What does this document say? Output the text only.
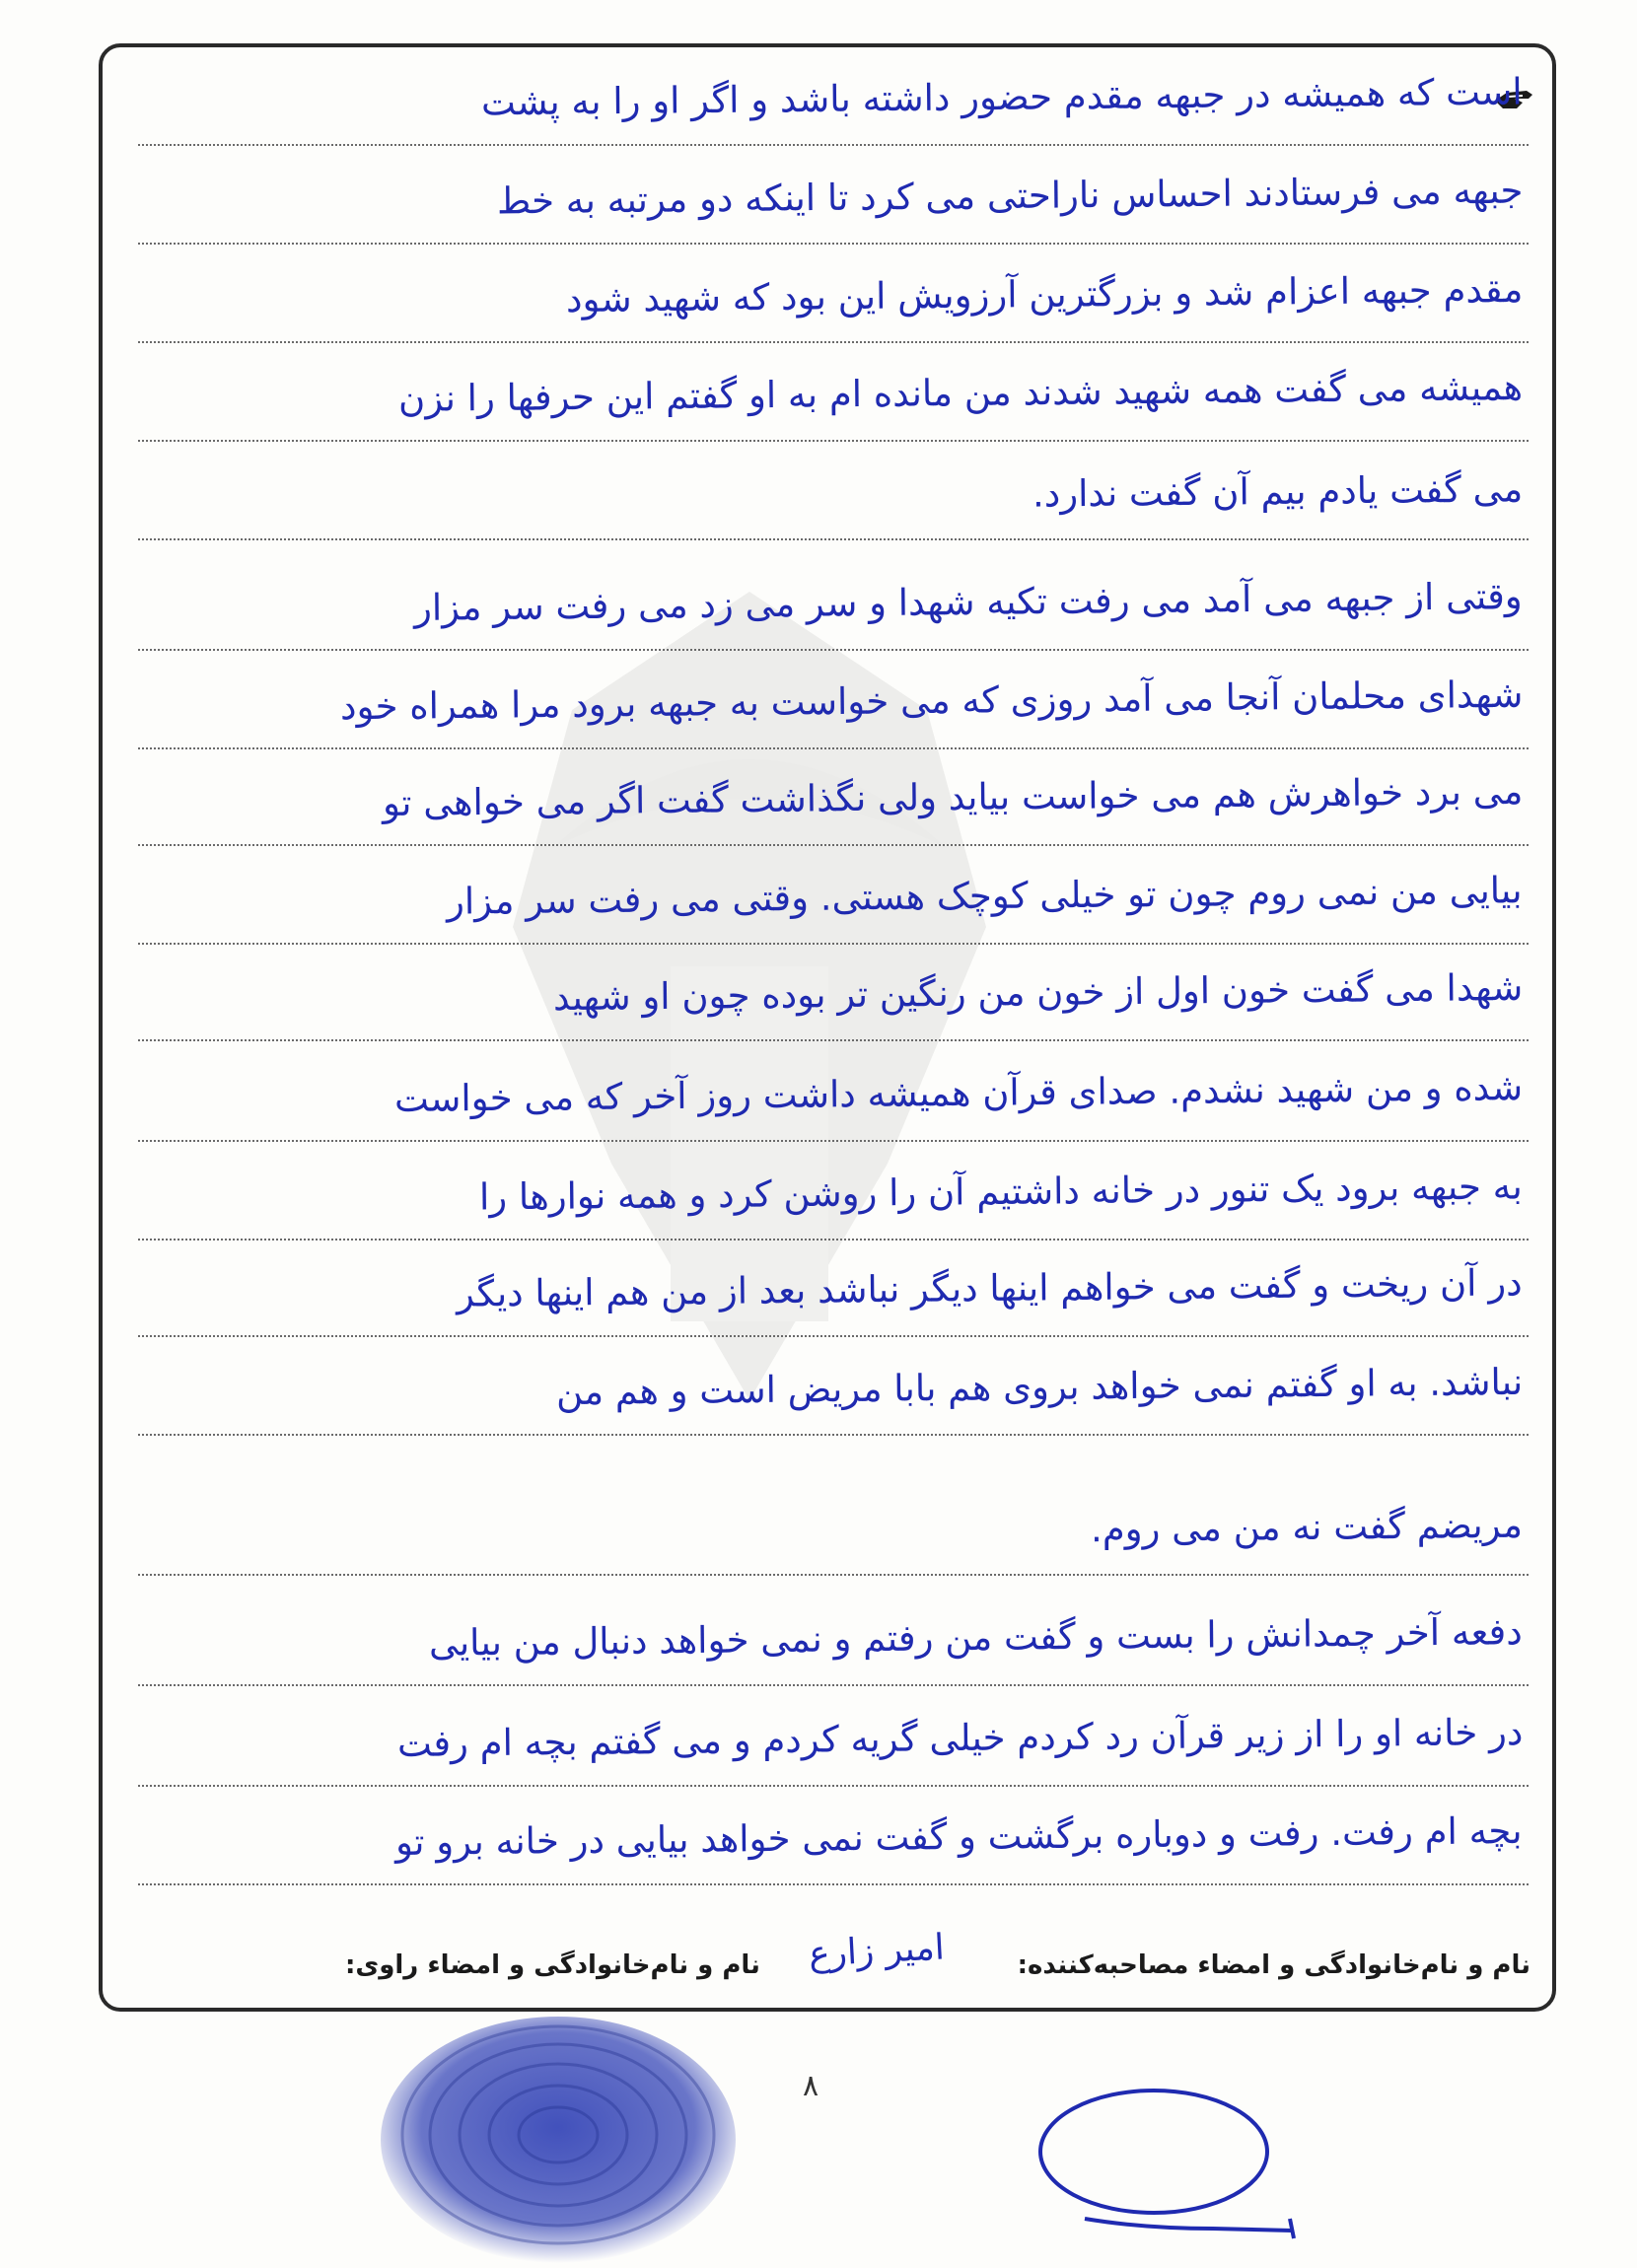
است که همیشه در جبهه مقدم حضور داشته باشد و اگر او را به پشت
جبهه می فرستادند احساس ناراحتی می کرد تا اینکه دو مرتبه به خط
مقدم جبهه اعزام شد و بزرگترین آرزویش این بود که شهید شود
همیشه می گفت همه شهید شدند من مانده ام به او گفتم این حرفها را نزن
می گفت یادم بیم آن گفت ندارد.
وقتی از جبهه می آمد می رفت تکیه شهدا و سر می زد می رفت سر مزار
شهدای محلمان آنجا می آمد روزی که می خواست به جبهه برود مرا همراه خود
می برد خواهرش هم می خواست بیاید ولی نگذاشت گفت اگر می خواهی تو
بیایی من نمی روم چون تو خیلی کوچک هستی. وقتی می رفت سر مزار
شهدا می گفت خون اول از خون من رنگین تر بوده چون او شهید
شده و من شهید نشدم. صدای قرآن همیشه داشت روز آخر که می خواست
به جبهه برود یک تنور در خانه داشتیم آن را روشن کرد و همه نوارها را
در آن ریخت و گفت می خواهم اینها دیگر نباشد بعد از من هم اینها دیگر
نباشد. به او گفتم نمی خواهد بروی هم بابا مریض است و هم من
مریضم گفت نه من می روم.
دفعه آخر چمدانش را بست و گفت من رفتم و نمی خواهد دنبال من بیایی
در خانه او را از زیر قرآن رد کردم خیلی گریه کردم و می گفتم بچه ام رفت
بچه ام رفت. رفت و دوباره برگشت و گفت نمی خواهد بیایی در خانه برو تو
نام و نام‌خانوادگی و امضاء مصاحبه‌کننده:
امیر زارع
نام و نام‌خانوادگی و امضاء راوی:
۸
